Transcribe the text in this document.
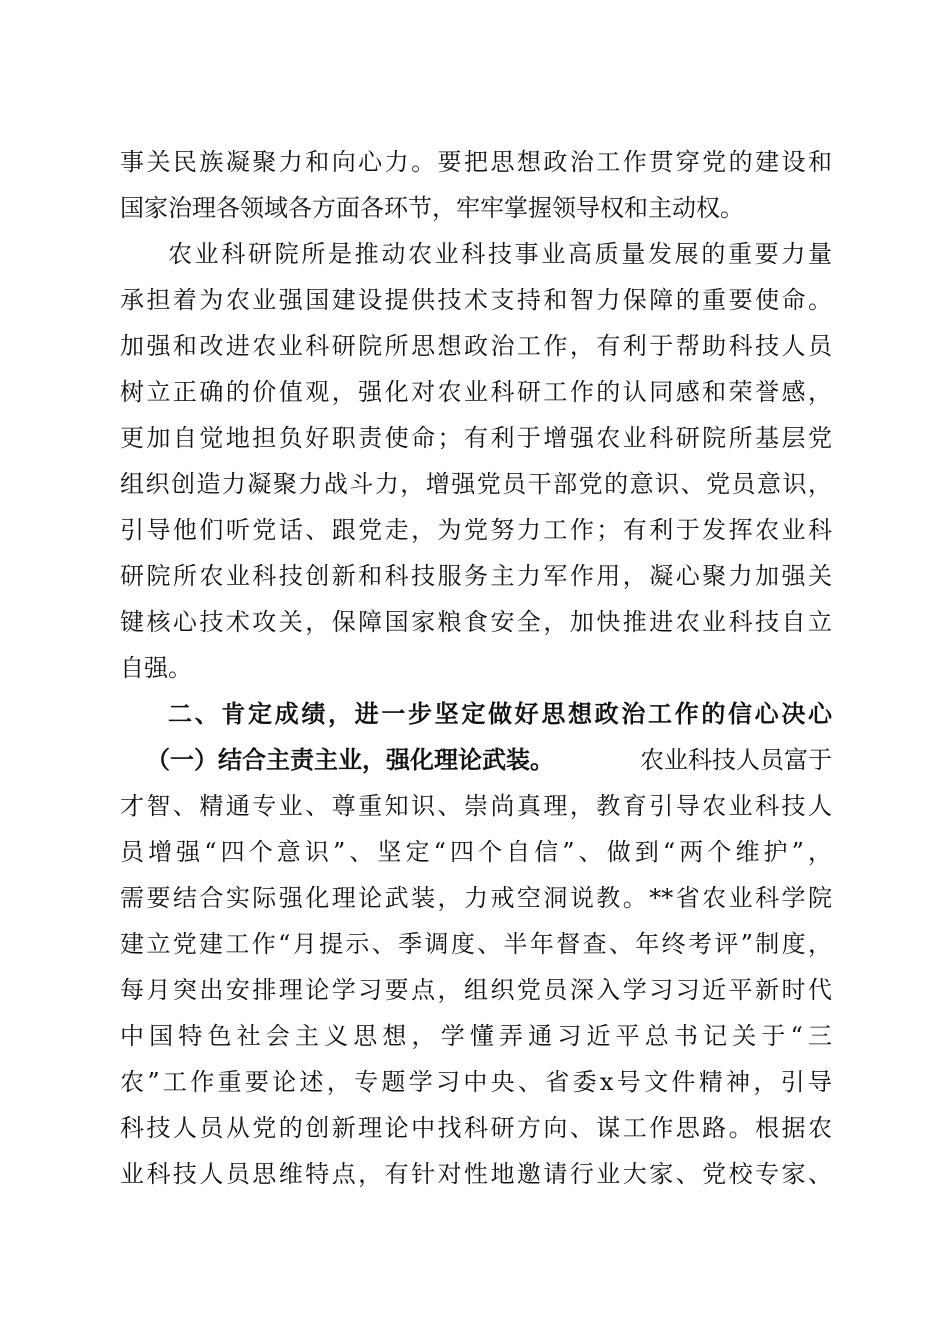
事关民族凝聚力和向心力。要把思想政治工作贯穿党的建设和
国家治理各领域各方面各环节，牢牢掌握领导权和主动权。
农业科研院所是推动农业科技事业高质量发展的重要力量
承担着为农业强国建设提供技术支持和智力保障的重要使命。
加强和改进农业科研院所思想政治工作，有利于帮助科技人员
树立正确的价值观，强化对农业科研工作的认同感和荣誉感，
更加自觉地担负好职责使命；有利于增强农业科研院所基层党
组织创造力凝聚力战斗力，增强党员干部党的意识、党员意识，
引导他们听党话、跟党走，为党努力工作；有利于发挥农业科
研院所农业科技创新和科技服务主力军作用，凝心聚力加强关
键核心技术攻关，保障国家粮食安全，加快推进农业科技自立
自强。
二、肯定成绩，进一步坚定做好思想政治工作的信心决心
（一）结合主责主业，强化理论武装。	农业科技人员富于
才智、精通专业、尊重知识、崇尚真理，教育引导农业科技人
员增强“四个意识”、坚定“四个自信”、做到“两个维护”，
需要结合实际强化理论武装，力戒空洞说教。**省农业科学院
建立党建工作“月提示、季调度、半年督查、年终考评”制度，
每月突出安排理论学习要点，组织党员深入学习习近平新时代
中国特色社会主义思想，学懂弄通习近平总书记关于“三
农”工作重要论述，专题学习中央、省委x号文件精神，引导
科技人员从党的创新理论中找科研方向、谋工作思路。根据农
业科技人员思维特点，有针对性地邀请行业大家、党校专家、
